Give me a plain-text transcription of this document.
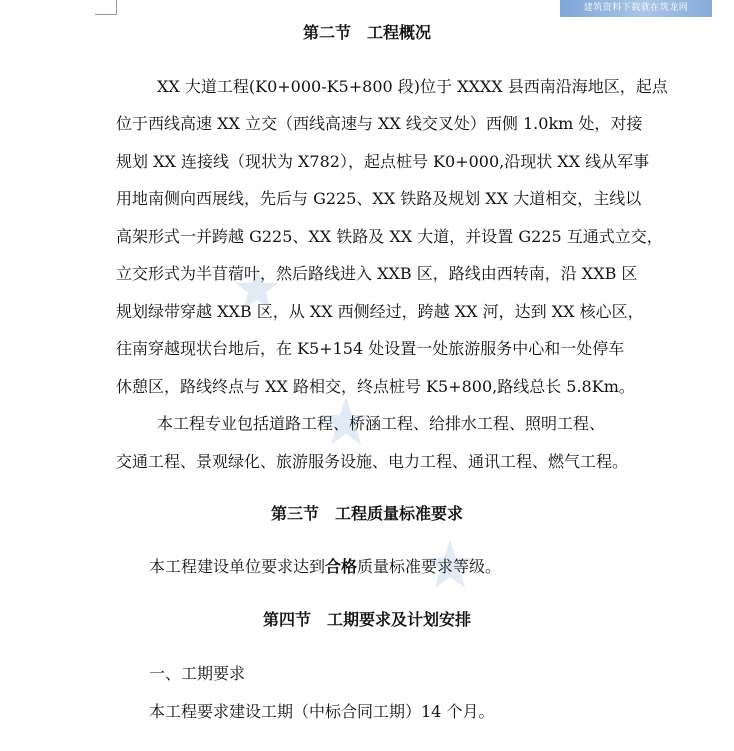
建筑资料下载就在筑龙网
第二节　工程概况

XX 大道工程(K0+000-K5+800 段)位于 XXXX 县西南沿海地区，起点

位于西线高速 XX 立交（西线高速与 XX 线交叉处）西侧 1.0km 处，对接

规划 XX 连接线（现状为 X782），起点桩号 K0+000,沿现状 XX 线从军事

用地南侧向西展线，先后与 G225、XX 铁路及规划 XX 大道相交，主线以

高架形式一并跨越 G225、XX 铁路及 XX 大道，并设置 G225 互通式立交，

立交形式为半苜蓿叶，然后路线进入 XXB 区，路线由西转南，沿 XXB 区

规划绿带穿越 XXB 区，从 XX 西侧经过，跨越 XX 河，达到 XX 核心区，

往南穿越现状台地后，在 K5+154 处设置一处旅游服务中心和一处停车

休憩区，路线终点与 XX 路相交，终点桩号 K5+800,路线总长 5.8Km。

本工程专业包括道路工程、桥涵工程、给排水工程、照明工程、

交通工程、景观绿化、旅游服务设施、电力工程、通讯工程、燃气工程。

第三节　工程质量标准要求

本工程建设单位要求达到合格质量标准要求等级。

第四节　工期要求及计划安排

一、工期要求

本工程要求建设工期（中标合同工期）14 个月。
